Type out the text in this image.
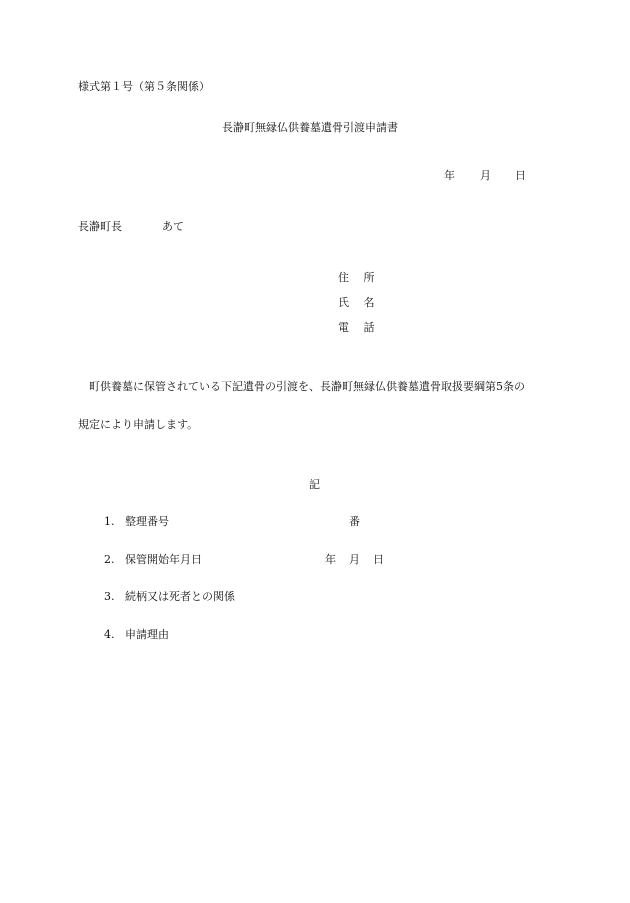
様式第１号（第５条関係）
長瀞町無縁仏供養墓遺骨引渡申請書
年 月 日
長瀞町長	あて
住 所
氏 名
電 話
町供養墓に保管されている下記遺骨の引渡を、長瀞町無縁仏供養墓遺骨取扱要綱第5条の
規定により申請します。
記
1. 整理番号	番
2. 保管開始年月日	年 月 日
3. 続柄又は死者との関係
4. 申請理由
